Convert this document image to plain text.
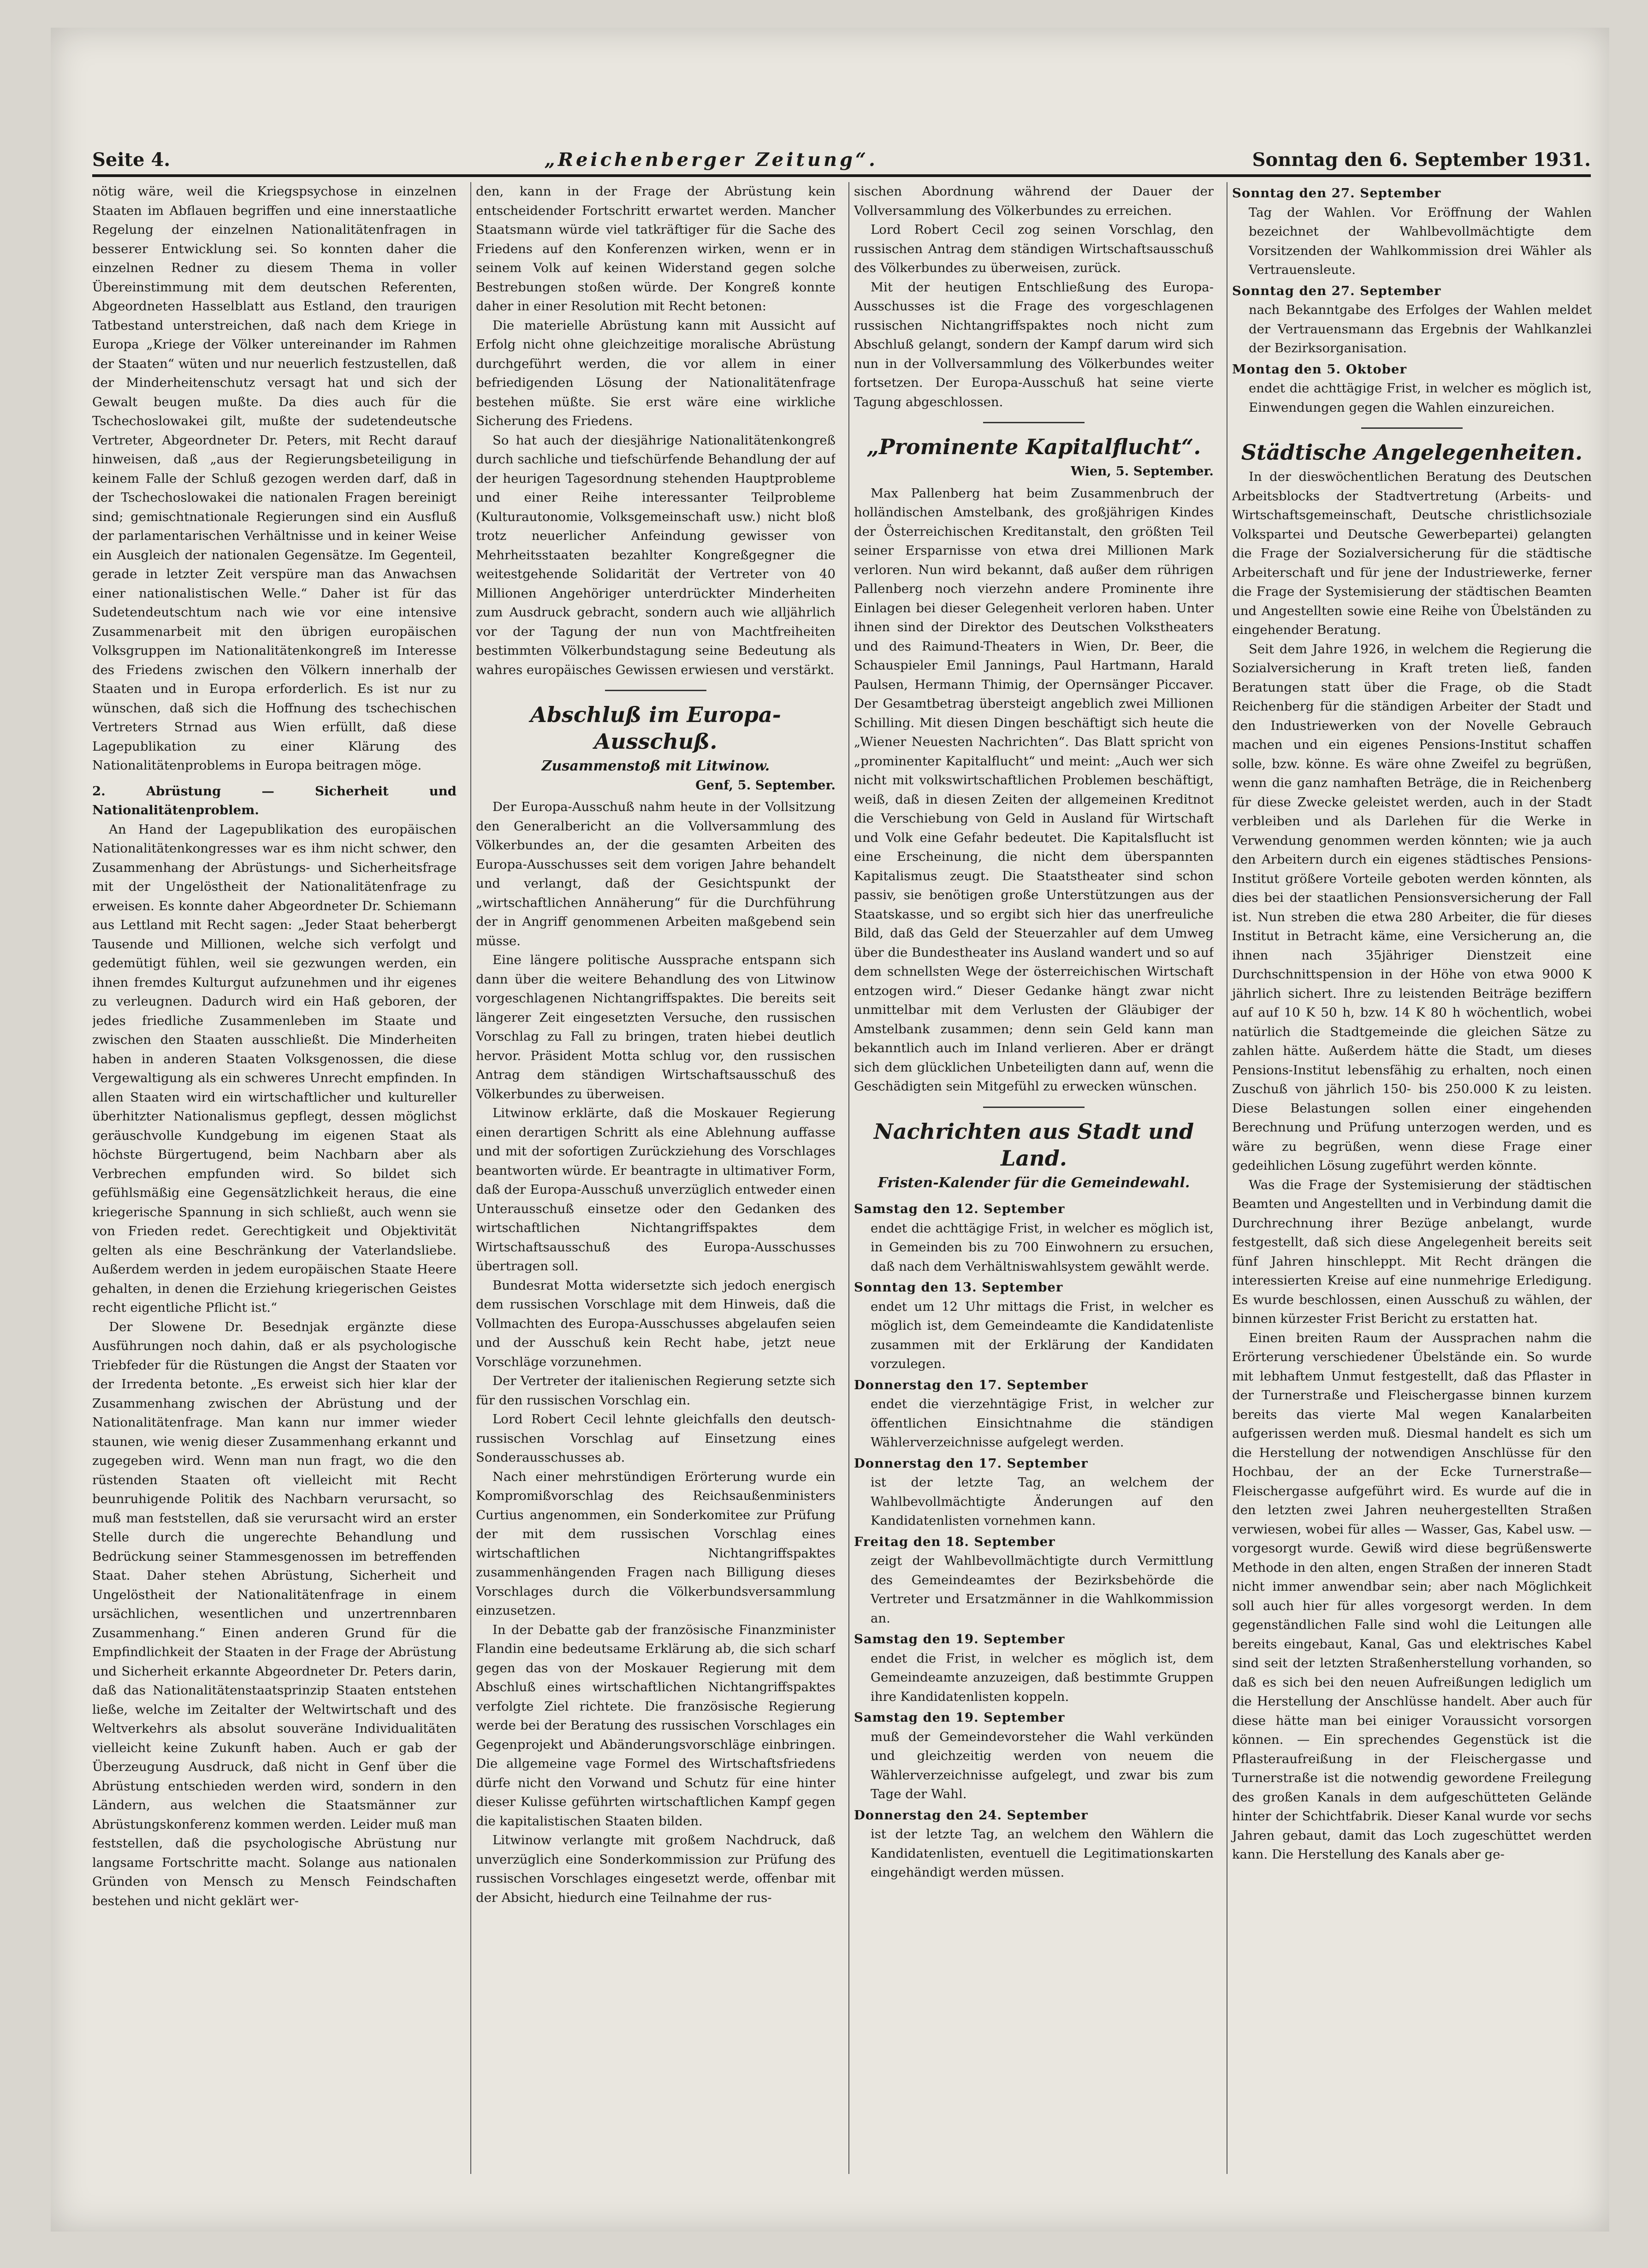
Seite 4.	„Reichenberger Zeitung“.	Sonntag den 6. September 1931.

nötig wäre, weil die Kriegspsychose in einzelnen Staaten im Abflauen begriffen und eine innerstaatliche Regelung der einzelnen Nationalitätenfragen in besserer Entwicklung sei. So konnten daher die einzelnen Redner zu diesem Thema in voller Übereinstimmung mit dem deutschen Referenten, Abgeordneten Hasselblatt aus Estland, den traurigen Tatbestand unterstreichen, daß nach dem Kriege in Europa „Kriege der Völker untereinander im Rahmen der Staaten“ wüten und nur neuerlich festzustellen, daß der Minderheitenschutz versagt hat und sich der Gewalt beugen mußte. Da dies auch für die Tschechoslowakei gilt, mußte der sudetendeutsche Vertreter, Abgeordneter Dr. Peters, mit Recht darauf hinweisen, daß „aus der Regierungsbeteiligung in keinem Falle der Schluß gezogen werden darf, daß in der Tschechoslowakei die nationalen Fragen bereinigt sind; gemischtnationale Regierungen sind ein Ausfluß der parlamentarischen Verhältnisse und in keiner Weise ein Ausgleich der nationalen Gegensätze. Im Gegenteil, gerade in letzter Zeit verspüre man das Anwachsen einer nationalistischen Welle.“ Daher ist für das Sudetendeutschtum nach wie vor eine intensive Zusammenarbeit mit den übrigen europäischen Volksgruppen im Nationalitätenkongreß im Interesse des Friedens zwischen den Völkern innerhalb der Staaten und in Europa erforderlich. Es ist nur zu wünschen, daß sich die Hoffnung des tschechischen Vertreters Strnad aus Wien erfüllt, daß diese Lagepublikation zu einer Klärung des Nationalitätenproblems in Europa beitragen möge.

2. Abrüstung — Sicherheit und Nationalitätenproblem.

An Hand der Lagepublikation des europäischen Nationalitätenkongresses war es ihm nicht schwer, den Zusammenhang der Abrüstungs- und Sicherheitsfrage mit der Ungelöstheit der Nationalitätenfrage zu erweisen. Es konnte daher Abgeordneter Dr. Schiemann aus Lettland mit Recht sagen: „Jeder Staat beherbergt Tausende und Millionen, welche sich verfolgt und gedemütigt fühlen, weil sie gezwungen werden, ein ihnen fremdes Kulturgut aufzunehmen und ihr eigenes zu verleugnen. Dadurch wird ein Haß geboren, der jedes friedliche Zusammenleben im Staate und zwischen den Staaten ausschließt. Die Minderheiten haben in anderen Staaten Volksgenossen, die diese Vergewaltigung als ein schweres Unrecht empfinden. In allen Staaten wird ein wirtschaftlicher und kultureller überhitzter Nationalismus gepflegt, dessen möglichst geräuschvolle Kundgebung im eigenen Staat als höchste Bürgertugend, beim Nachbarn aber als Verbrechen empfunden wird. So bildet sich gefühlsmäßig eine Gegensätzlichkeit heraus, die eine kriegerische Spannung in sich schließt, auch wenn sie von Frieden redet. Gerechtigkeit und Objektivität gelten als eine Beschränkung der Vaterlandsliebe. Außerdem werden in jedem europäischen Staate Heere gehalten, in denen die Erziehung kriegerischen Geistes recht eigentliche Pflicht ist.“

Der Slowene Dr. Besednjak ergänzte diese Ausführungen noch dahin, daß er als psychologische Triebfeder für die Rüstungen die Angst der Staaten vor der Irredenta betonte. „Es erweist sich hier klar der Zusammenhang zwischen der Abrüstung und der Nationalitätenfrage. Man kann nur immer wieder staunen, wie wenig dieser Zusammenhang erkannt und zugegeben wird. Wenn man nun fragt, wo die den rüstenden Staaten oft vielleicht mit Recht beunruhigende Politik des Nachbarn verursacht, so muß man feststellen, daß sie verursacht wird an erster Stelle durch die ungerechte Behandlung und Bedrückung seiner Stammesgenossen im betreffenden Staat. Daher stehen Abrüstung, Sicherheit und Ungelöstheit der Nationalitätenfrage in einem ursächlichen, wesentlichen und unzertrennbaren Zusammenhang.“ Einen anderen Grund für die Empfindlichkeit der Staaten in der Frage der Abrüstung und Sicherheit erkannte Abgeordneter Dr. Peters darin, daß das Nationalitätenstaatsprinzip Staaten entstehen ließe, welche im Zeitalter der Weltwirtschaft und des Weltverkehrs als absolut souveräne Individualitäten vielleicht keine Zukunft haben. Auch er gab der Überzeugung Ausdruck, daß nicht in Genf über die Abrüstung entschieden werden wird, sondern in den Ländern, aus welchen die Staatsmänner zur Abrüstungskonferenz kommen werden. Leider muß man feststellen, daß die psychologische Abrüstung nur langsame Fortschritte macht. Solange aus nationalen Gründen von Mensch zu Mensch Feindschaften bestehen und nicht geklärt wer-

den, kann in der Frage der Abrüstung kein entscheidender Fortschritt erwartet werden. Mancher Staatsmann würde viel tatkräftiger für die Sache des Friedens auf den Konferenzen wirken, wenn er in seinem Volk auf keinen Widerstand gegen solche Bestrebungen stoßen würde. Der Kongreß konnte daher in einer Resolution mit Recht betonen:

Die materielle Abrüstung kann mit Aussicht auf Erfolg nicht ohne gleichzeitige moralische Abrüstung durchgeführt werden, die vor allem in einer befriedigenden Lösung der Nationalitätenfrage bestehen müßte. Sie erst wäre eine wirkliche Sicherung des Friedens.

So hat auch der diesjährige Nationalitätenkongreß durch sachliche und tiefschürfende Behandlung der auf der heurigen Tagesordnung stehenden Hauptprobleme und einer Reihe interessanter Teilprobleme (Kulturautonomie, Volksgemeinschaft usw.) nicht bloß trotz neuerlicher Anfeindung gewisser von Mehrheitsstaaten bezahlter Kongreßgegner die weitestgehende Solidarität der Vertreter von 40 Millionen Angehöriger unterdrückter Minderheiten zum Ausdruck gebracht, sondern auch wie alljährlich vor der Tagung der nun von Machtfreiheiten bestimmten Völkerbundstagung seine Bedeutung als wahres europäisches Gewissen erwiesen und verstärkt.

Abschluß im Europa-Ausschuß.
Zusammenstoß mit Litwinow.
Genf, 5. September.

Der Europa-Ausschuß nahm heute in der Vollsitzung den Generalbericht an die Vollversammlung des Völkerbundes an, der die gesamten Arbeiten des Europa-Ausschusses seit dem vorigen Jahre behandelt und verlangt, daß der Gesichtspunkt der „wirtschaftlichen Annäherung“ für die Durchführung der in Angriff genommenen Arbeiten maßgebend sein müsse.

Eine längere politische Aussprache entspann sich dann über die weitere Behandlung des von Litwinow vorgeschlagenen Nichtangriffspaktes. Die bereits seit längerer Zeit eingesetzten Versuche, den russischen Vorschlag zu Fall zu bringen, traten hiebei deutlich hervor. Präsident Motta schlug vor, den russischen Antrag dem ständigen Wirtschaftsausschuß des Völkerbundes zu überweisen.

Litwinow erklärte, daß die Moskauer Regierung einen derartigen Schritt als eine Ablehnung auffasse und mit der sofortigen Zurückziehung des Vorschlages beantworten würde. Er beantragte in ultimativer Form, daß der Europa-Ausschuß unverzüglich entweder einen Unterausschuß einsetze oder den Gedanken des wirtschaftlichen Nichtangriffspaktes dem Wirtschaftsausschuß des Europa-Ausschusses übertragen soll.

Bundesrat Motta widersetzte sich jedoch energisch dem russischen Vorschlage mit dem Hinweis, daß die Vollmachten des Europa-Ausschusses abgelaufen seien und der Ausschuß kein Recht habe, jetzt neue Vorschläge vorzunehmen.

Der Vertreter der italienischen Regierung setzte sich für den russischen Vorschlag ein.

Lord Robert Cecil lehnte gleichfalls den deutsch-russischen Vorschlag auf Einsetzung eines Sonderausschusses ab.

Nach einer mehrstündigen Erörterung wurde ein Kompromißvorschlag des Reichsaußenministers Curtius angenommen, ein Sonderkomitee zur Prüfung der mit dem russischen Vorschlag eines wirtschaftlichen Nichtangriffspaktes zusammenhängenden Fragen nach Billigung dieses Vorschlages durch die Völkerbundsversammlung einzusetzen.

In der Debatte gab der französische Finanzminister Flandin eine bedeutsame Erklärung ab, die sich scharf gegen das von der Moskauer Regierung mit dem Abschluß eines wirtschaftlichen Nichtangriffspaktes verfolgte Ziel richtete. Die französische Regierung werde bei der Beratung des russischen Vorschlages ein Gegenprojekt und Abänderungsvorschläge einbringen. Die allgemeine vage Formel des Wirtschaftsfriedens dürfe nicht den Vorwand und Schutz für eine hinter dieser Kulisse geführten wirtschaftlichen Kampf gegen die kapitalistischen Staaten bilden.

Litwinow verlangte mit großem Nachdruck, daß unverzüglich eine Sonderkommission zur Prüfung des russischen Vorschlages eingesetzt werde, offenbar mit der Absicht, hiedurch eine Teilnahme der rus-

sischen Abordnung während der Dauer der Vollversammlung des Völkerbundes zu erreichen.

Lord Robert Cecil zog seinen Vorschlag, den russischen Antrag dem ständigen Wirtschaftsausschuß des Völkerbundes zu überweisen, zurück.

Mit der heutigen Entschließung des Europa-Ausschusses ist die Frage des vorgeschlagenen russischen Nichtangriffspaktes noch nicht zum Abschluß gelangt, sondern der Kampf darum wird sich nun in der Vollversammlung des Völkerbundes weiter fortsetzen. Der Europa-Ausschuß hat seine vierte Tagung abgeschlossen.

„Prominente Kapitalflucht“.
Wien, 5. September.

Max Pallenberg hat beim Zusammenbruch der holländischen Amstelbank, des großjährigen Kindes der Österreichischen Kreditanstalt, den größten Teil seiner Ersparnisse von etwa drei Millionen Mark verloren. Nun wird bekannt, daß außer dem rührigen Pallenberg noch vierzehn andere Prominente ihre Einlagen bei dieser Gelegenheit verloren haben. Unter ihnen sind der Direktor des Deutschen Volkstheaters und des Raimund-Theaters in Wien, Dr. Beer, die Schauspieler Emil Jannings, Paul Hartmann, Harald Paulsen, Hermann Thimig, der Opernsänger Piccaver. Der Gesamtbetrag übersteigt angeblich zwei Millionen Schilling. Mit diesen Dingen beschäftigt sich heute die „Wiener Neuesten Nachrichten“. Das Blatt spricht von „prominenter Kapitalflucht“ und meint: „Auch wer sich nicht mit volkswirtschaftlichen Problemen beschäftigt, weiß, daß in diesen Zeiten der allgemeinen Kreditnot die Verschiebung von Geld in Ausland für Wirtschaft und Volk eine Gefahr bedeutet. Die Kapitalsflucht ist eine Erscheinung, die nicht dem überspannten Kapitalismus zeugt. Die Staatstheater sind schon passiv, sie benötigen große Unterstützungen aus der Staatskasse, und so ergibt sich hier das unerfreuliche Bild, daß das Geld der Steuerzahler auf dem Umweg über die Bundestheater ins Ausland wandert und so auf dem schnellsten Wege der österreichischen Wirtschaft entzogen wird.“ Dieser Gedanke hängt zwar nicht unmittelbar mit dem Verlusten der Gläubiger der Amstelbank zusammen; denn sein Geld kann man bekanntlich auch im Inland verlieren. Aber er drängt sich dem glücklichen Unbeteiligten dann auf, wenn die Geschädigten sein Mitgefühl zu erwecken wünschen.

Nachrichten aus Stadt und Land.
Fristen-Kalender für die Gemeindewahl.
Samstag den 12. September

endet die achttägige Frist, in welcher es möglich ist, in Gemeinden bis zu 700 Einwohnern zu ersuchen, daß nach dem Verhältniswahlsystem gewählt werde.

Sonntag den 13. September

endet um 12 Uhr mittags die Frist, in welcher es möglich ist, dem Gemeindeamte die Kandidatenliste zusammen mit der Erklärung der Kandidaten vorzulegen.

Donnerstag den 17. September

endet die vierzehntägige Frist, in welcher zur öffentlichen Einsichtnahme die ständigen Wählerverzeichnisse aufgelegt werden.

Donnerstag den 17. September

ist der letzte Tag, an welchem der Wahlbevollmächtigte Änderungen auf den Kandidatenlisten vornehmen kann.

Freitag den 18. September

zeigt der Wahlbevollmächtigte durch Vermittlung des Gemeindeamtes der Bezirksbehörde die Vertreter und Ersatzmänner in die Wahlkommission an.

Samstag den 19. September

endet die Frist, in welcher es möglich ist, dem Gemeindeamte anzuzeigen, daß bestimmte Gruppen ihre Kandidatenlisten koppeln.

Samstag den 19. September

muß der Gemeindevorsteher die Wahl verkünden und gleichzeitig werden von neuem die Wählerverzeichnisse aufgelegt, und zwar bis zum Tage der Wahl.

Donnerstag den 24. September

ist der letzte Tag, an welchem den Wählern die Kandidatenlisten, eventuell die Legitimationskarten eingehändigt werden müssen.

Sonntag den 27. September

Tag der Wahlen. Vor Eröffnung der Wahlen bezeichnet der Wahlbevollmächtigte dem Vorsitzenden der Wahlkommission drei Wähler als Vertrauensleute.

Sonntag den 27. September

nach Bekanntgabe des Erfolges der Wahlen meldet der Vertrauensmann das Ergebnis der Wahlkanzlei der Bezirksorganisation.

Montag den 5. Oktober

endet die achttägige Frist, in welcher es möglich ist, Einwendungen gegen die Wahlen einzureichen.

Städtische Angelegenheiten.

In der dieswöchentlichen Beratung des Deutschen Arbeitsblocks der Stadtvertretung (Arbeits- und Wirtschaftsgemeinschaft, Deutsche christlichsoziale Volkspartei und Deutsche Gewerbepartei) gelangten die Frage der Sozialversicherung für die städtische Arbeiterschaft und für jene der Industriewerke, ferner die Frage der Systemisierung der städtischen Beamten und Angestellten sowie eine Reihe von Übelständen zu eingehender Beratung.

Seit dem Jahre 1926, in welchem die Regierung die Sozialversicherung in Kraft treten ließ, fanden Beratungen statt über die Frage, ob die Stadt Reichenberg für die ständigen Arbeiter der Stadt und den Industriewerken von der Novelle Gebrauch machen und ein eigenes Pensions-Institut schaffen solle, bzw. könne. Es wäre ohne Zweifel zu begrüßen, wenn die ganz namhaften Beträge, die in Reichenberg für diese Zwecke geleistet werden, auch in der Stadt verbleiben und als Darlehen für die Werke in Verwendung genommen werden könnten; wie ja auch den Arbeitern durch ein eigenes städtisches Pensions-Institut größere Vorteile geboten werden könnten, als dies bei der staatlichen Pensionsversicherung der Fall ist. Nun streben die etwa 280 Arbeiter, die für dieses Institut in Betracht käme, eine Versicherung an, die ihnen nach 35jähriger Dienstzeit eine Durchschnittspension in der Höhe von etwa 9000 K jährlich sichert. Ihre zu leistenden Beiträge beziffern auf auf 10 K 50 h, bzw. 14 K 80 h wöchentlich, wobei natürlich die Stadtgemeinde die gleichen Sätze zu zahlen hätte. Außerdem hätte die Stadt, um dieses Pensions-Institut lebensfähig zu erhalten, noch einen Zuschuß von jährlich 150- bis 250.000 K zu leisten. Diese Belastungen sollen einer eingehenden Berechnung und Prüfung unterzogen werden, und es wäre zu begrüßen, wenn diese Frage einer gedeihlichen Lösung zugeführt werden könnte.

Was die Frage der Systemisierung der städtischen Beamten und Angestellten und in Verbindung damit die Durchrechnung ihrer Bezüge anbelangt, wurde festgestellt, daß sich diese Angelegenheit bereits seit fünf Jahren hinschleppt. Mit Recht drängen die interessierten Kreise auf eine nunmehrige Erledigung. Es wurde beschlossen, einen Ausschuß zu wählen, der binnen kürzester Frist Bericht zu erstatten hat.

Einen breiten Raum der Aussprachen nahm die Erörterung verschiedener Übelstände ein. So wurde mit lebhaftem Unmut festgestellt, daß das Pflaster in der Turnerstraße und Fleischergasse binnen kurzem bereits das vierte Mal wegen Kanalarbeiten aufgerissen werden muß. Diesmal handelt es sich um die Herstellung der notwendigen Anschlüsse für den Hochbau, der an der Ecke Turnerstraße—Fleischergasse aufgeführt wird. Es wurde auf die in den letzten zwei Jahren neuhergestellten Straßen verwiesen, wobei für alles — Wasser, Gas, Kabel usw. — vorgesorgt wurde. Gewiß wird diese begrüßenswerte Methode in den alten, engen Straßen der inneren Stadt nicht immer anwendbar sein; aber nach Möglichkeit soll auch hier für alles vorgesorgt werden. In dem gegenständlichen Falle sind wohl die Leitungen alle bereits eingebaut, Kanal, Gas und elektrisches Kabel sind seit der letzten Straßenherstellung vorhanden, so daß es sich bei den neuen Aufreißungen lediglich um die Herstellung der Anschlüsse handelt. Aber auch für diese hätte man bei einiger Voraussicht vorsorgen können. — Ein sprechendes Gegenstück ist die Pflasteraufreißung in der Fleischergasse und Turnerstraße ist die notwendig gewordene Freilegung des großen Kanals in dem aufgeschütteten Gelände hinter der Schichtfabrik. Dieser Kanal wurde vor sechs Jahren gebaut, damit das Loch zugeschüttet werden kann. Die Herstellung des Kanals aber ge-
